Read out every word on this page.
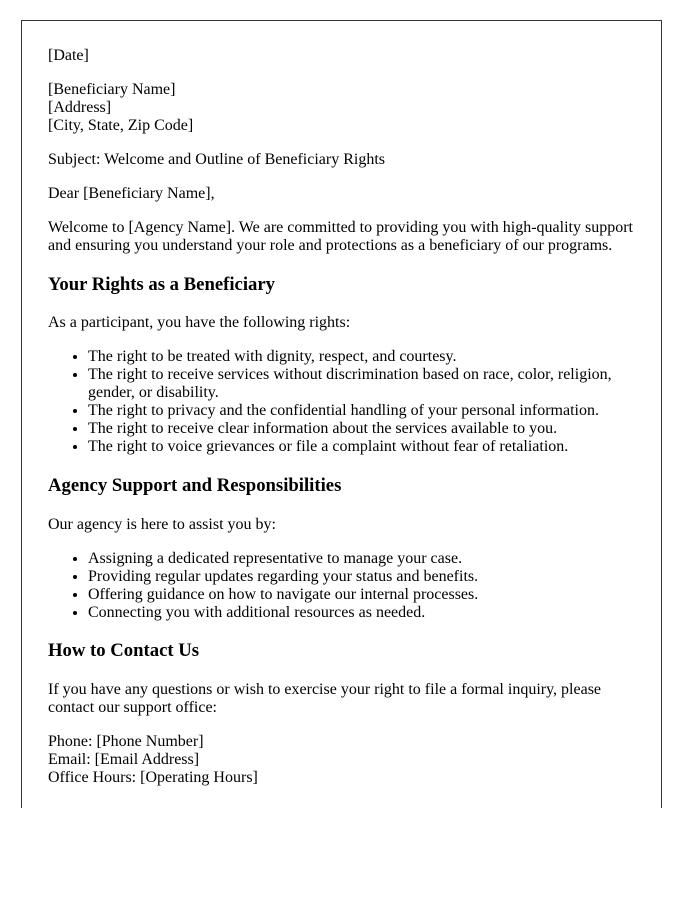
[Date]

[Beneficiary Name]
[Address]
[City, State, Zip Code]

Subject: Welcome and Outline of Beneficiary Rights

Dear [Beneficiary Name],

Welcome to [Agency Name]. We are committed to providing you with high-quality support and ensuring you understand your role and protections as a beneficiary of our programs.

Your Rights as a Beneficiary

As a participant, you have the following rights:

• The right to be treated with dignity, respect, and courtesy.
• The right to receive services without discrimination based on race, color, religion, gender, or disability.
• The right to privacy and the confidential handling of your personal information.
• The right to receive clear information about the services available to you.
• The right to voice grievances or file a complaint without fear of retaliation.
Agency Support and Responsibilities

Our agency is here to assist you by:

• Assigning a dedicated representative to manage your case.
• Providing regular updates regarding your status and benefits.
• Offering guidance on how to navigate our internal processes.
• Connecting you with additional resources as needed.
How to Contact Us

If you have any questions or wish to exercise your right to file a formal inquiry, please contact our support office:

Phone: [Phone Number]
Email: [Email Address]
Office Hours: [Operating Hours]
